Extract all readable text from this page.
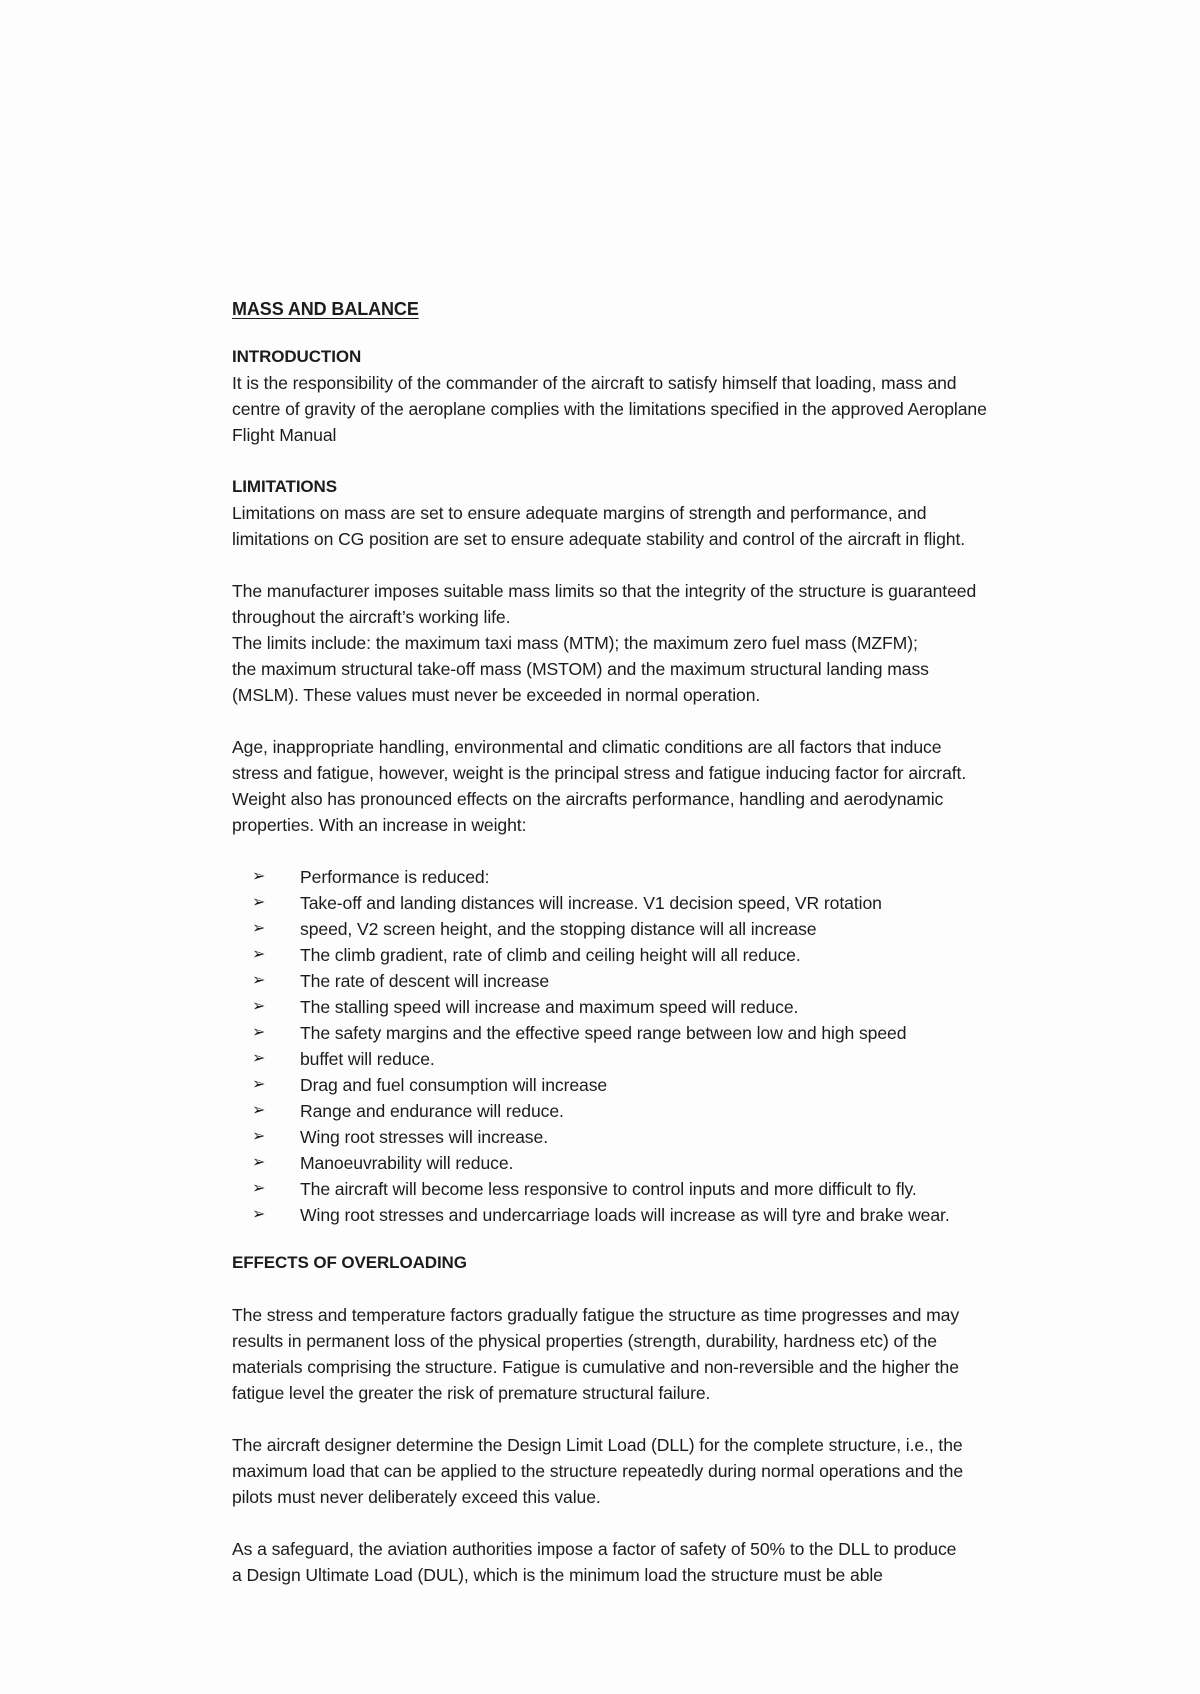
MASS AND BALANCE
INTRODUCTION

It is the responsibility of the commander of the aircraft to satisfy himself that loading, mass and
centre of gravity of the aeroplane complies with the limitations specified in the approved Aeroplane
Flight Manual

LIMITATIONS

Limitations on mass are set to ensure adequate margins of strength and performance, and
limitations on CG position are set to ensure adequate stability and control of the aircraft in flight.

The manufacturer imposes suitable mass limits so that the integrity of the structure is guaranteed
throughout the aircraft’s working life.
The limits include: the maximum taxi mass (MTM); the maximum zero fuel mass (MZFM);
the maximum structural take-off mass (MSTOM) and the maximum structural landing mass
(MSLM). These values must never be exceeded in normal operation.

Age, inappropriate handling, environmental and climatic conditions are all factors that induce
stress and fatigue, however, weight is the principal stress and fatigue inducing factor for aircraft.
Weight also has pronounced effects on the aircrafts performance, handling and aerodynamic
properties. With an increase in weight:

➢ Performance is reduced:
➢ Take-off and landing distances will increase. V1 decision speed, VR rotation
➢ speed, V2 screen height, and the stopping distance will all increase
➢ The climb gradient, rate of climb and ceiling height will all reduce.
➢ The rate of descent will increase
➢ The stalling speed will increase and maximum speed will reduce.
➢ The safety margins and the effective speed range between low and high speed
➢ buffet will reduce.
➢ Drag and fuel consumption will increase
➢ Range and endurance will reduce.
➢ Wing root stresses will increase.
➢ Manoeuvrability will reduce.
➢ The aircraft will become less responsive to control inputs and more difficult to fly.
➢ Wing root stresses and undercarriage loads will increase as will tyre and brake wear.
EFFECTS OF OVERLOADING

The stress and temperature factors gradually fatigue the structure as time progresses and may
results in permanent loss of the physical properties (strength, durability, hardness etc) of the
materials comprising the structure. Fatigue is cumulative and non-reversible and the higher the
fatigue level the greater the risk of premature structural failure.

The aircraft designer determine the Design Limit Load (DLL) for the complete structure, i.e., the
maximum load that can be applied to the structure repeatedly during normal operations and the
pilots must never deliberately exceed this value.

As a safeguard, the aviation authorities impose a factor of safety of 50% to the DLL to produce
a Design Ultimate Load (DUL), which is the minimum load the structure must be able
